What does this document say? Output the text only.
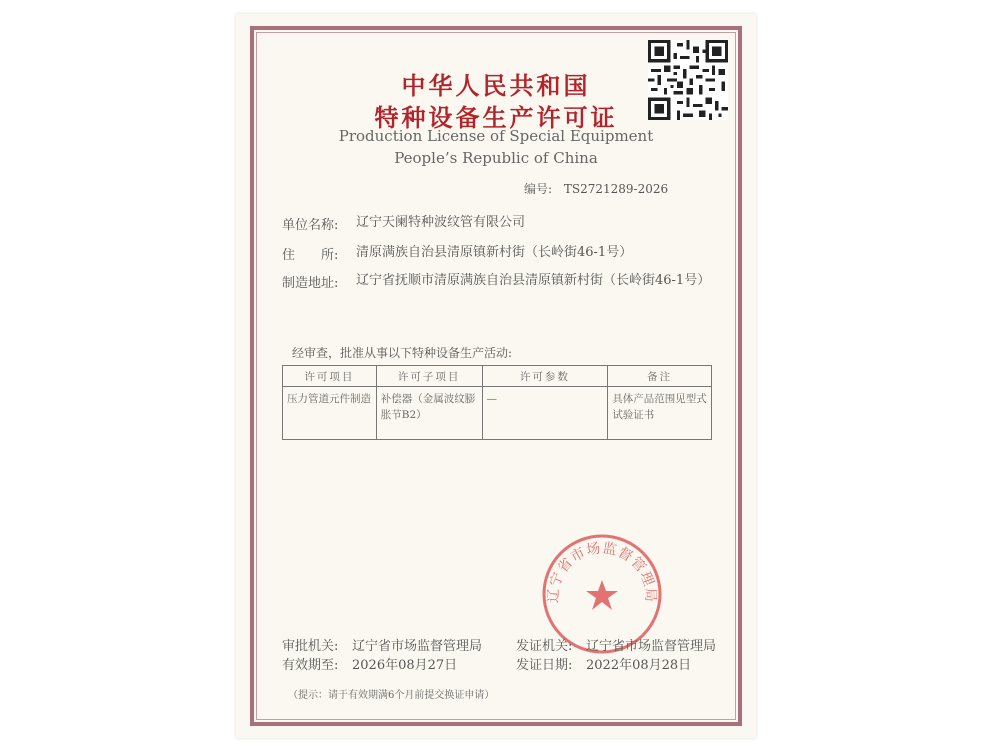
中华人民共和国
特种设备生产许可证
Production License of Special Equipment
People’s Republic of China
编号: TS2721289-2026
单位名称:	辽宁天阑特种波纹管有限公司
住　　所:	清原满族自治县清原镇新村街（长岭街46-1号）
制造地址:	辽宁省抚顺市清原满族自治县清原镇新村街（长岭街46-1号）
经审查，批准从事以下特种设备生产活动:
许可项目	许可子项目	许可参数	备注
压力管道元件制造	补偿器（金属波纹膨胀节B2）	—	具体产品范围见型式试验证书
辽宁省市场监督管理局
审批机关: 辽宁省市场监督管理局
有效期至: 2026年08月27日
发证机关: 辽宁省市场监督管理局
发证日期: 2022年08月28日
（提示：请于有效期满6个月前提交换证申请）
